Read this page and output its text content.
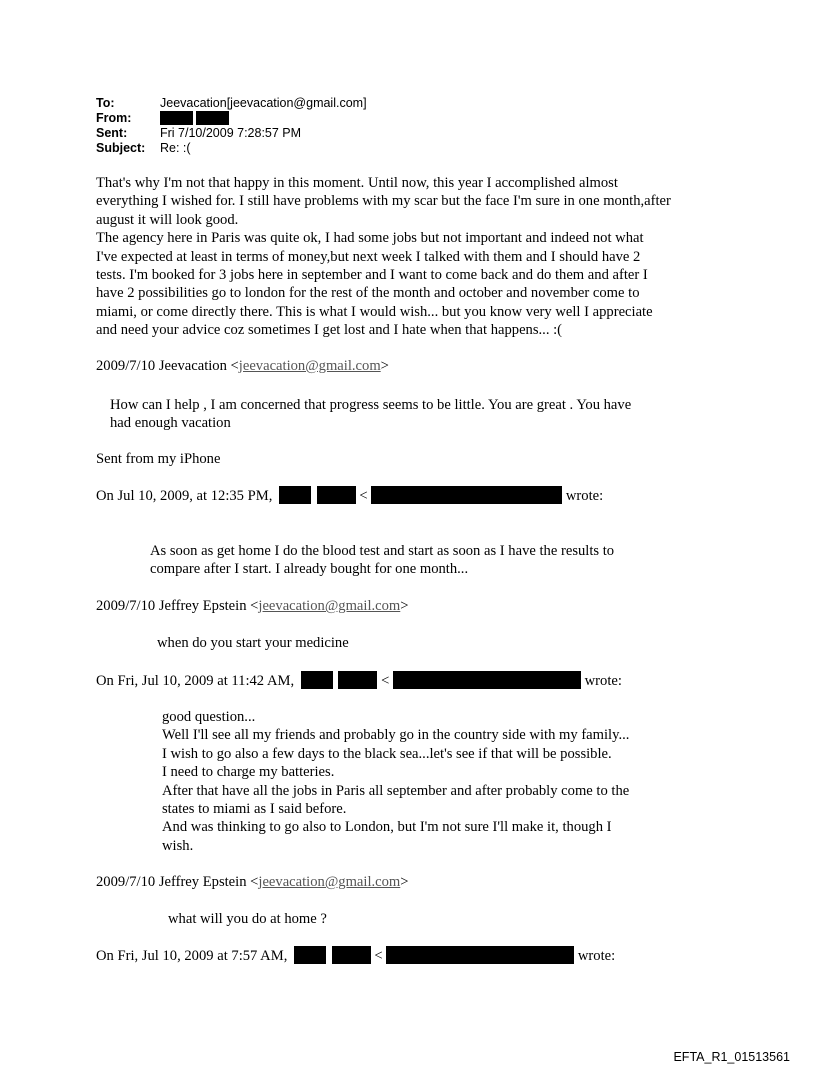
To:	Jeevacation[jeevacation@gmail.com]
From:
Sent:	Fri 7/10/2009 7:28:57 PM
Subject:	Re: :(

That's why I'm not that happy in this moment. Until now, this year I accomplished almost

everything I wished for. I still have problems with my scar but the face I'm sure in one month,after

august it will look good.

The agency here in Paris was quite ok, I had some jobs but not important and indeed not what

I've expected at least in terms of money,but next week I talked with them and I should have 2

tests. I'm booked for 3 jobs here in september and I want to come back and do them and after I

have 2 possibilities go to london for the rest of the month and october and november come to

miami, or come directly there. This is what I would wish... but you know very well I appreciate

and need your advice coz sometimes I get lost and I hate when that happens... :(

2009/7/10 Jeevacation <jeevacation@gmail.com>

How can I help , I am concerned that progress seems to be little. You are great . You have

had enough vacation

Sent from my iPhone
On Jul 10, 2009, at 12:35 PM,	<	wrote:

As soon as get home I do the blood test and start as soon as I have the results to

compare after I start. I already bought for one month...

2009/7/10 Jeffrey Epstein <jeevacation@gmail.com>
when do you start your medicine
On Fri, Jul 10, 2009 at 11:42 AM,	<	wrote:

good question...

Well I'll see all my friends and probably go in the country side with my family...

I wish to go also a few days to the black sea...let's see if that will be possible.

I need to charge my batteries.

After that have all the jobs in Paris all september and after probably come to the

states to miami as I said before.

And was thinking to go also to London, but I'm not sure I'll make it, though I

wish.

2009/7/10 Jeffrey Epstein <jeevacation@gmail.com>
what will you do at home ?
On Fri, Jul 10, 2009 at 7:57 AM,	<	wrote:
EFTA_R1_01513561
